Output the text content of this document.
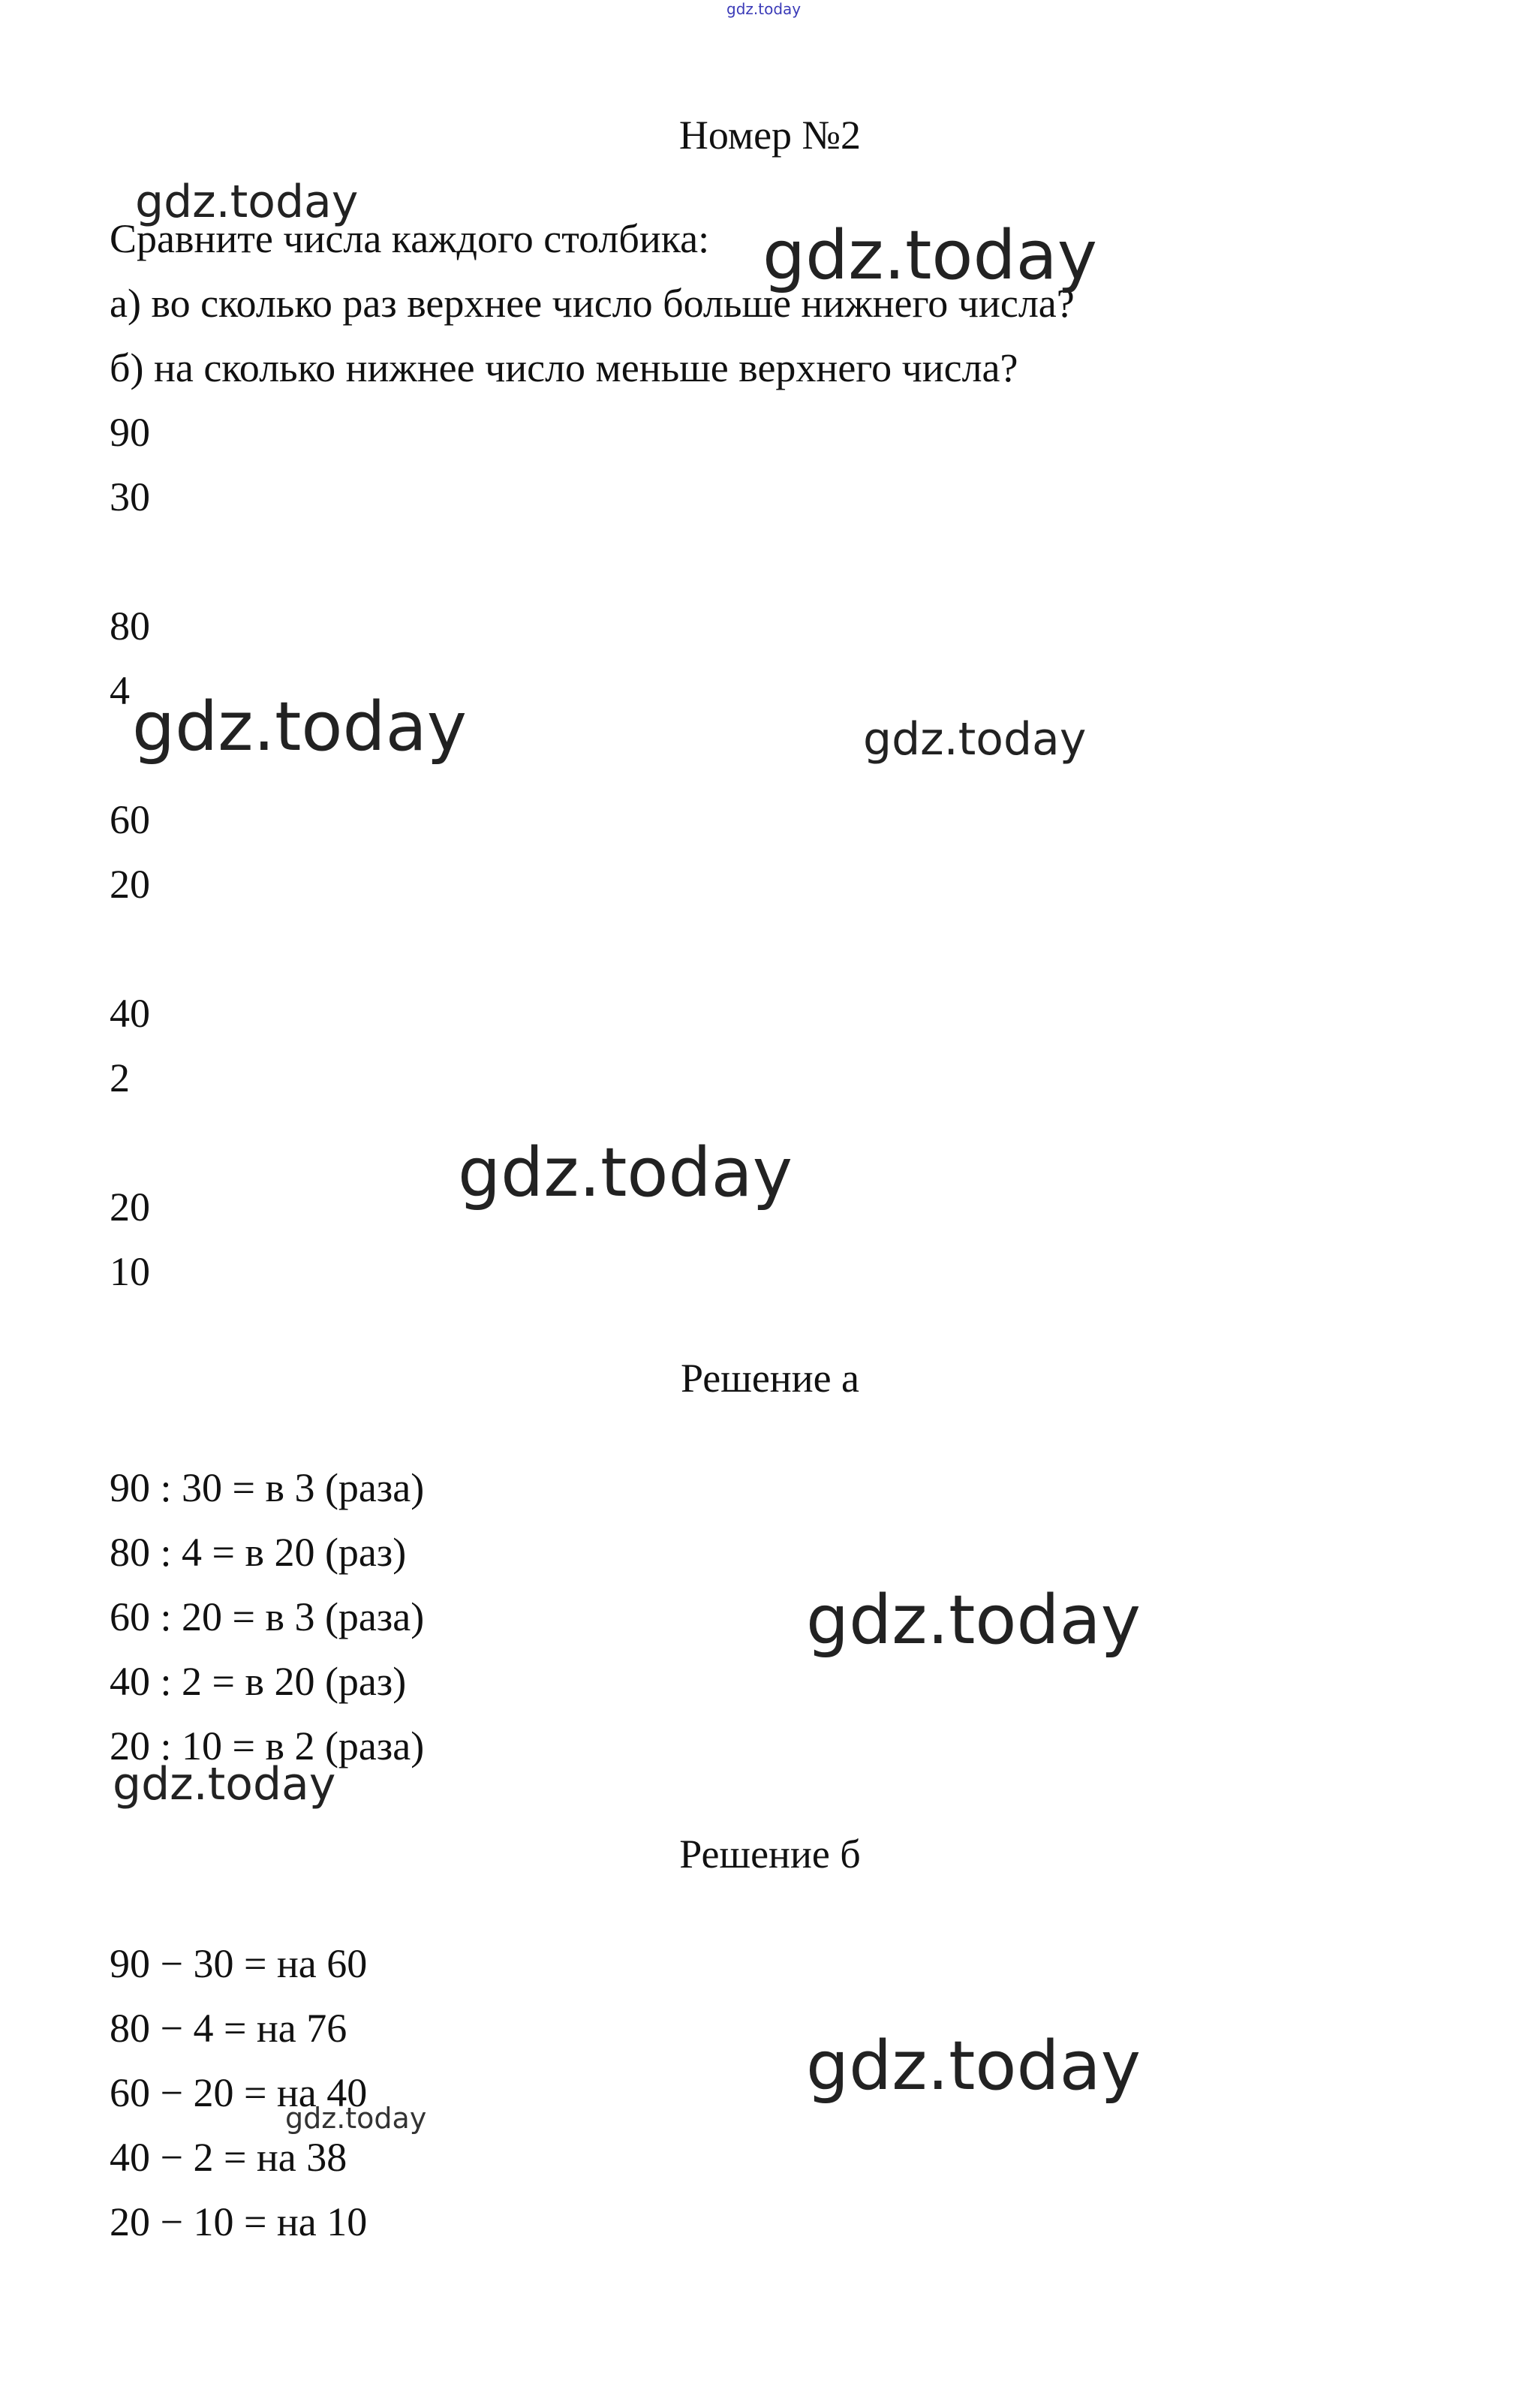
Номер №2
Сравните числа каждого столбика:
а) во сколько раз верхнее число больше нижнего числа?
б) на сколько нижнее число меньше верхнего числа?
90
30
80
4
60
20
40
2
20
10
Решение а
90 : 30 = в 3 (раза)
80 : 4 = в 20 (раз)
60 : 20 = в 3 (раза)
40 : 2 = в 20 (раз)
20 : 10 = в 2 (раза)
Решение б
90 − 30 = на 60
80 − 4 = на 76
60 − 20 = на 40
40 − 2 = на 38
20 − 10 = на 10
gdz.today
gdz.today
gdz.today
gdz.today	gdz.today
gdz.today
gdz.today
gdz.today
gdz.today
gdz.today
